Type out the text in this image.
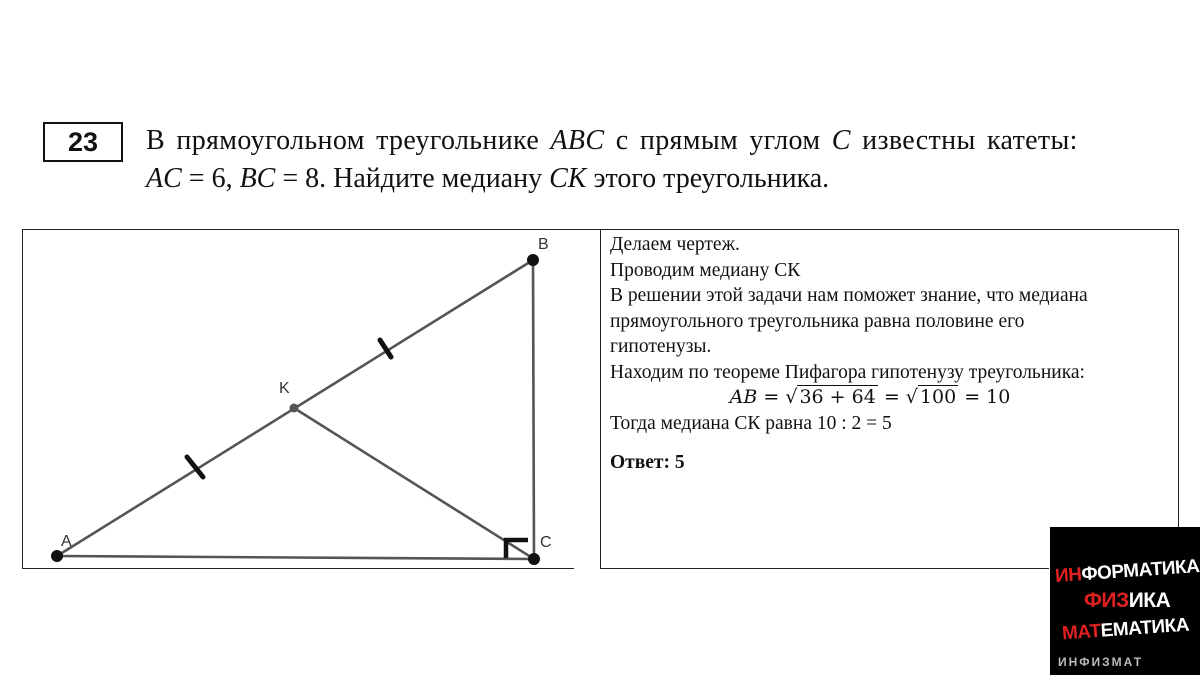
23	В прямоугольном треугольнике ABC с прямым углом C известны катеты:
AC = 6, BC = 8. Найдите медиану CK этого треугольника.
A
B
C
K

Делаем чертеж.

Проводим медиану СК

В решении этой задачи нам поможет знание, что медиана

прямоугольного треугольника равна половине его

гипотенузы.

Находим по теореме Пифагора гипотенузу треугольника:

AB = √ 36 + 64 = √ 100 = 10

Тогда медиана СК равна 10 : 2 = 5

Ответ: 5

ИНФОРМАТИКА
ФИЗИКА
МАТЕМАТИКА
ИНФИЗМАТ
